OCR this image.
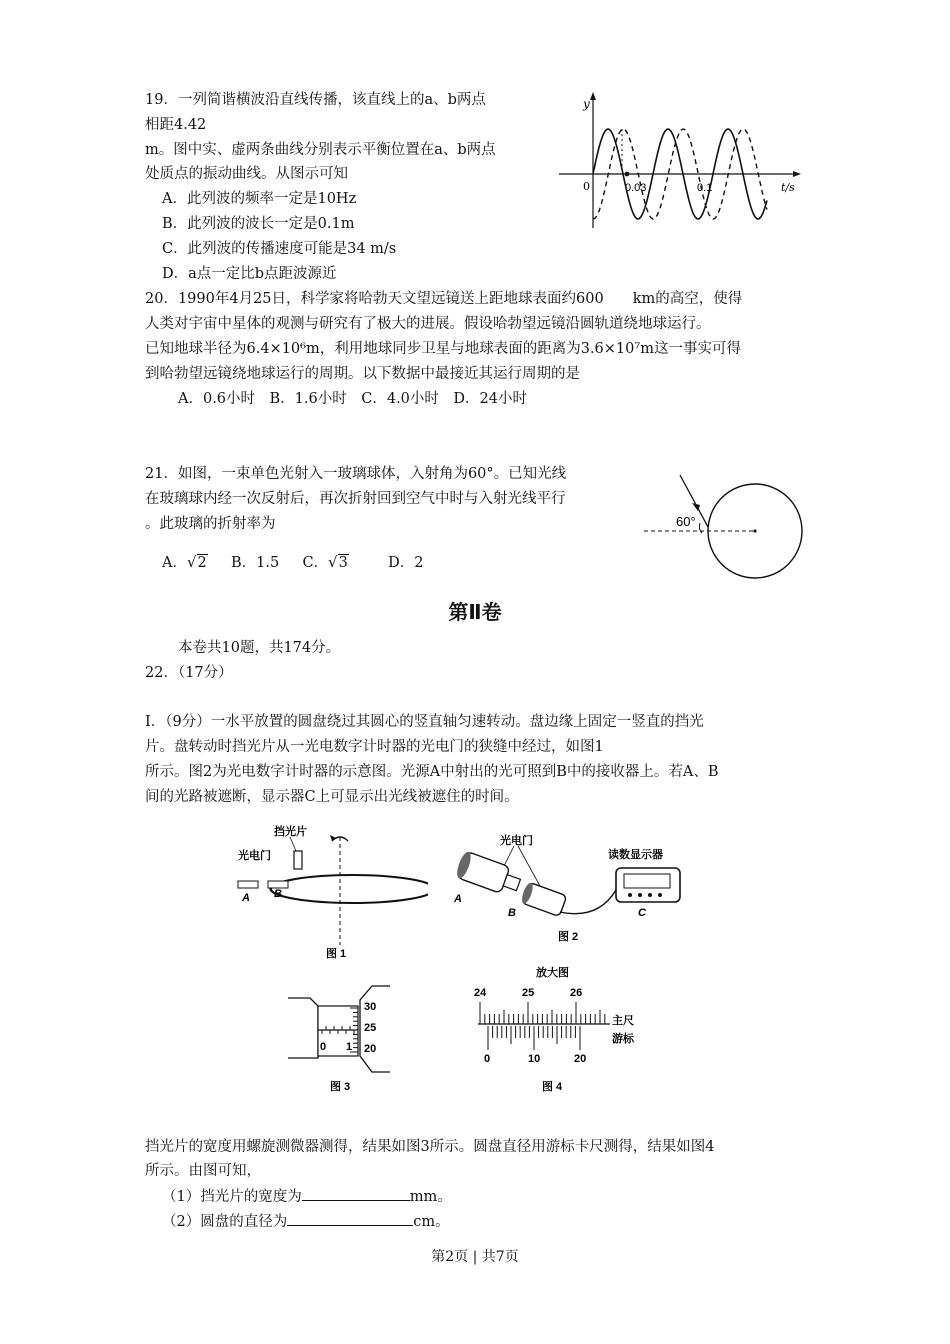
19．一列简谐横波沿直线传播，该直线上的a、b两点
相距4.42
m。图中实、虚两条曲线分别表示平衡位置在a、b两点
处质点的振动曲线。从图示可知
A．此列波的频率一定是10Hz
B．此列波的波长一定是0.1m
C．此列波的传播速度可能是34 m/s
D．a点一定比b点距波源近
y
0	0.03	0.1	t/s
20．1990年4月25日，科学家将哈勃天文望远镜送上距地球表面约600　　km的高空，使得
人类对宇宙中星体的观测与研究有了极大的进展。假设哈勃望远镜沿圆轨道绕地球运行。
已知地球半径为6.4×10⁶m，利用地球同步卫星与地球表面的距离为3.6×10⁷m这一事实可得
到哈勃望远镜绕地球运行的周期。以下数据中最接近其运行周期的是
A．0.6小时　B．1.6小时　C．4.0小时　D．24小时
21．如图，一束单色光射入一玻璃球体，入射角为60°。已知光线
在玻璃球内经一次反射后，再次折射回到空气中时与入射光线平行
。此玻璃的折射率为
A．√2 B．1.5 C．√3	D．2
60°
第Ⅱ卷
本卷共10题，共174分。
22．（17分）
I．（9分）一水平放置的圆盘绕过其圆心的竖直轴匀速转动。盘边缘上固定一竖直的挡光
片。盘转动时挡光片从一光电数字计时器的光电门的狭缝中经过，如图1
所示。图2为光电数字计时器的示意图。光源A中射出的光可照到B中的接收器上。若A、B
间的光路被遮断，显示器C上可显示出光线被遮住的时间。
挡光片
光电门
A B
图 1
光电门
读数显示器
A
B	C
图 2
30
25
20
0 1
图 3
放大图
24	25	26
主尺
游标
0	10	20
图 4
挡光片的宽度用螺旋测微器测得，结果如图3所示。圆盘直径用游标卡尺测得，结果如图4
所示。由图可知，
（1）挡光片的宽度为	mm。
（2）圆盘的直径为	cm。
第2页 | 共7页
